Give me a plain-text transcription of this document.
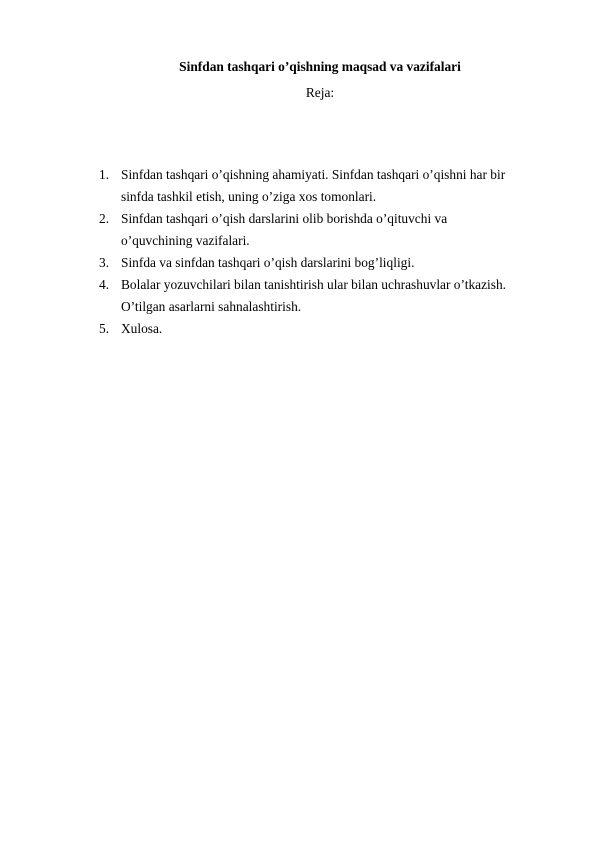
Sinfdan tashqari o’qishning maqsad va vazifalari

Reja:

1. Sinfdan tashqari o’qishning ahamiyati. Sinfdan tashqari o’qishni har bir
sinfda tashkil etish, uning o’ziga xos tomonlari.
2. Sinfdan tashqari o’qish darslarini olib borishda o’qituvchi va
o’quvchining vazifalari.
3. Sinfda va sinfdan tashqari o’qish darslarini bog’liqligi.
4. Bolalar yozuvchilari bilan tanishtirish ular bilan uchrashuvlar o’tkazish.
O’tilgan asarlarni sahnalashtirish.
5. Xulosa.
